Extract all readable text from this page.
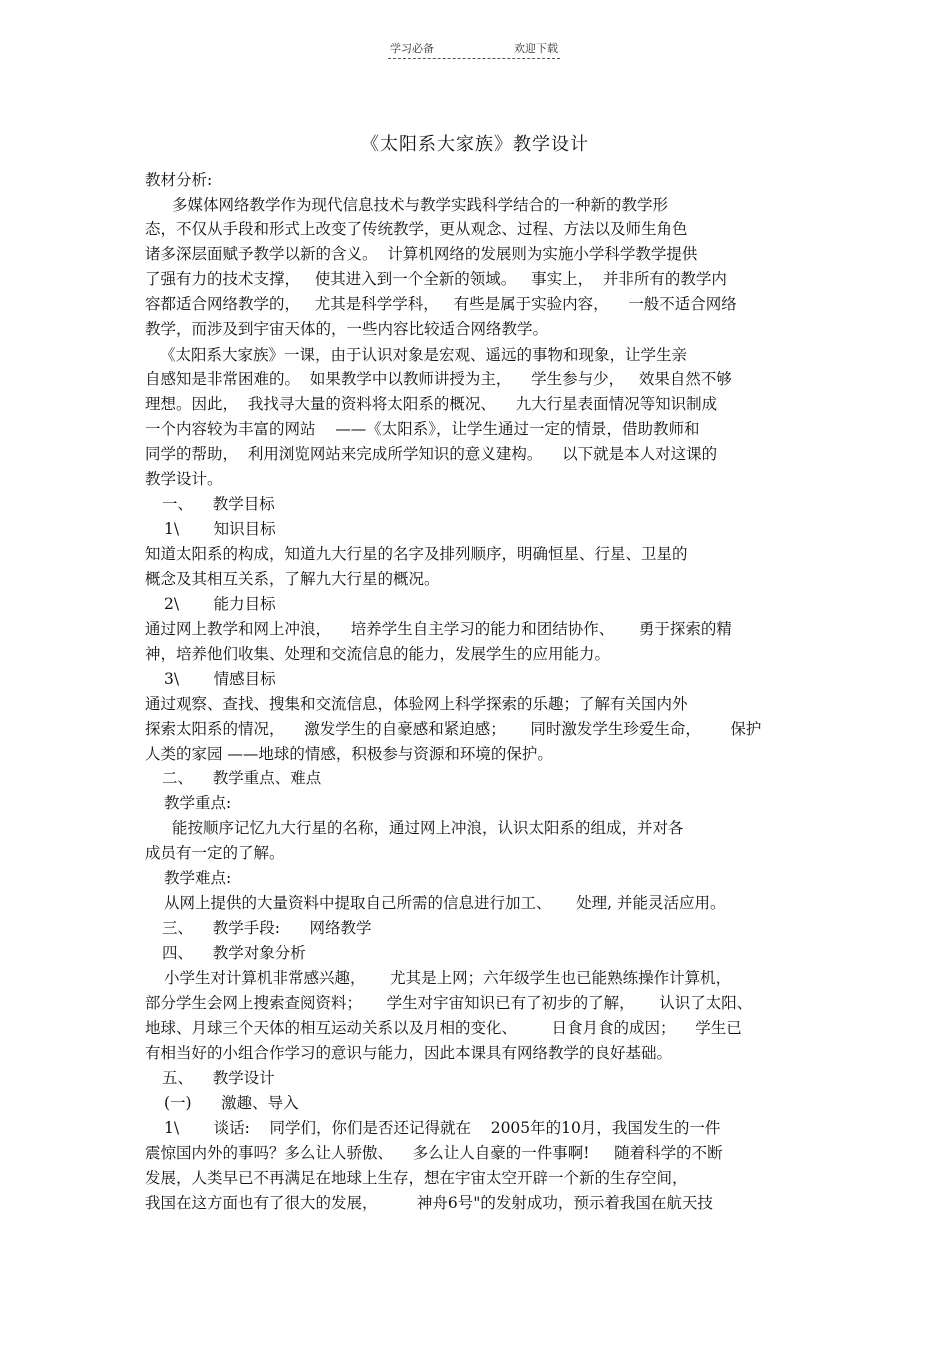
学习必备	欢迎下载
《太阳系大家族》教学设计
教材分析:
多媒体网络教学作为现代信息技术与教学实践科学结合的一种新的教学形
态，不仅从手段和形式上改变了传统教学，更从观念、过程、方法以及师生角色
诸多深层面赋予教学以新的含义。  计算机网络的发展则为实施小学科学教学提供
了强有力的技术支撑，   使其进入到一个全新的领域。   事实上，  并非所有的教学内
容都适合网络教学的，   尤其是科学学科，   有些是属于实验内容，    一般不适合网络
教学，而涉及到宇宙天体的，一些内容比较适合网络教学。
《太阳系大家族》一课，由于认识对象是宏观、遥远的事物和现象，让学生亲
自感知是非常困难的。  如果教学中以教师讲授为主，    学生参与少，   效果自然不够
理想。因此，  我找寻大量的资料将太阳系的概况、    九大行星表面情况等知识制成
一个内容较为丰富的网站    ——《太阳系》，让学生通过一定的情景，借助教师和
同学的帮助，  利用浏览网站来完成所学知识的意义建构。    以下就是本人对这课的
教学设计。
一、    教学目标
1\       知识目标
知道太阳系的构成，知道九大行星的名字及排列顺序，明确恒星、行星、卫星的
概念及其相互关系，了解九大行星的概况。
2\       能力目标
通过网上教学和网上冲浪，    培养学生自主学习的能力和团结协作、     勇于探索的精
神，培养他们收集、处理和交流信息的能力，发展学生的应用能力。
3\       情感目标
通过观察、查找、搜集和交流信息，体验网上科学探索的乐趣；了解有关国内外
探索太阳系的情况，    激发学生的自豪感和紧迫感；     同时激发学生珍爱生命，      保护
人类的家园 ——地球的情感，积极参与资源和环境的保护。
二、    教学重点、难点
教学重点:
能按顺序记忆九大行星的名称，通过网上冲浪，认识太阳系的组成，并对各
成员有一定的了解。
教学难点:
从网上提供的大量资料中提取自己所需的信息进行加工、     处理, 并能灵活应用。
三、    教学手段:      网络教学
四、    教学对象分析
小学生对计算机非常感兴趣，     尤其是上网；六年级学生也已能熟练操作计算机，
部分学生会网上搜索查阅资料；     学生对宇宙知识已有了初步的了解，     认识了太阳、
地球、月球三个天体的相互运动关系以及月相的变化、       日食月食的成因；    学生已
有相当好的小组合作学习的意识与能力，因此本课具有网络教学的良好基础。
五、    教学设计
(一)      激趣、导入
1\       谈话:    同学们，你们是否还记得就在    2005年的10月，我国发生的一件
震惊国内外的事吗？多么让人骄傲、    多么让人自豪的一件事啊!     随着科学的不断
发展，人类早已不再满足在地球上生存，想在宇宙太空开辟一个新的生存空间，
我国在这方面也有了很大的发展，        神舟6号"的发射成功，预示着我国在航天技
